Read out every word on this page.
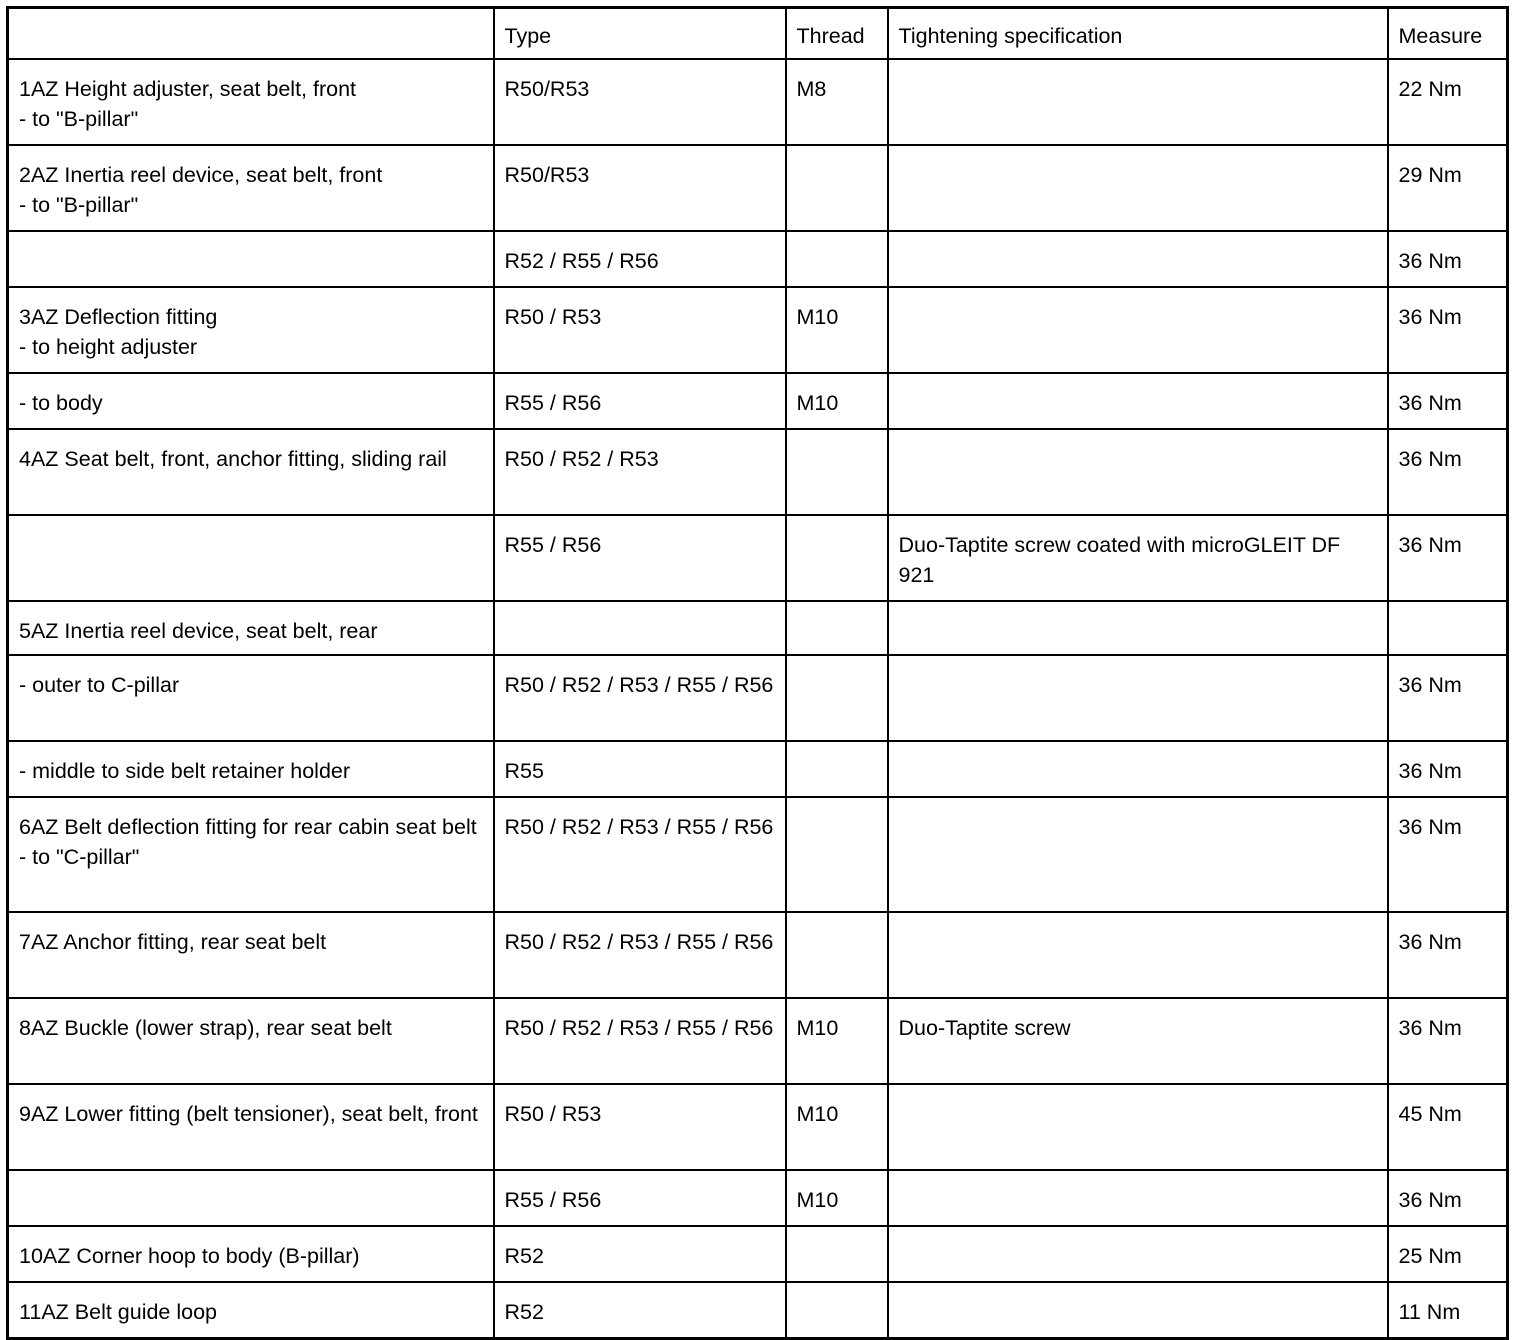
	Type	Thread	Tightening specification	Measure
1AZ Height adjuster, seat belt, front
- to "B-pillar"	R50/R53	M8		22 Nm
2AZ Inertia reel device, seat belt, front
- to "B-pillar"	R50/R53			29 Nm
	R52 / R55 / R56			36 Nm
3AZ Deflection fitting
- to height adjuster	R50 / R53	M10		36 Nm
- to body	R55 / R56	M10		36 Nm
4AZ Seat belt, front, anchor fitting, sliding rail	R50 / R52 / R53			36 Nm
	R55 / R56		Duo-Taptite screw coated with microGLEIT DF 921	36 Nm
5AZ Inertia reel device, seat belt, rear				
- outer to C-pillar	R50 / R52 / R53 / R55 / R56			36 Nm
- middle to side belt retainer holder	R55			36 Nm
6AZ Belt deflection fitting for rear cabin seat belt
- to "C-pillar"	R50 / R52 / R53 / R55 / R56			36 Nm
7AZ Anchor fitting, rear seat belt	R50 / R52 / R53 / R55 / R56			36 Nm
8AZ Buckle (lower strap), rear seat belt	R50 / R52 / R53 / R55 / R56	M10	Duo-Taptite screw	36 Nm
9AZ Lower fitting (belt tensioner), seat belt, front	R50 / R53	M10		45 Nm
	R55 / R56	M10		36 Nm
10AZ Corner hoop to body (B-pillar)	R52			25 Nm
11AZ Belt guide loop	R52			11 Nm
